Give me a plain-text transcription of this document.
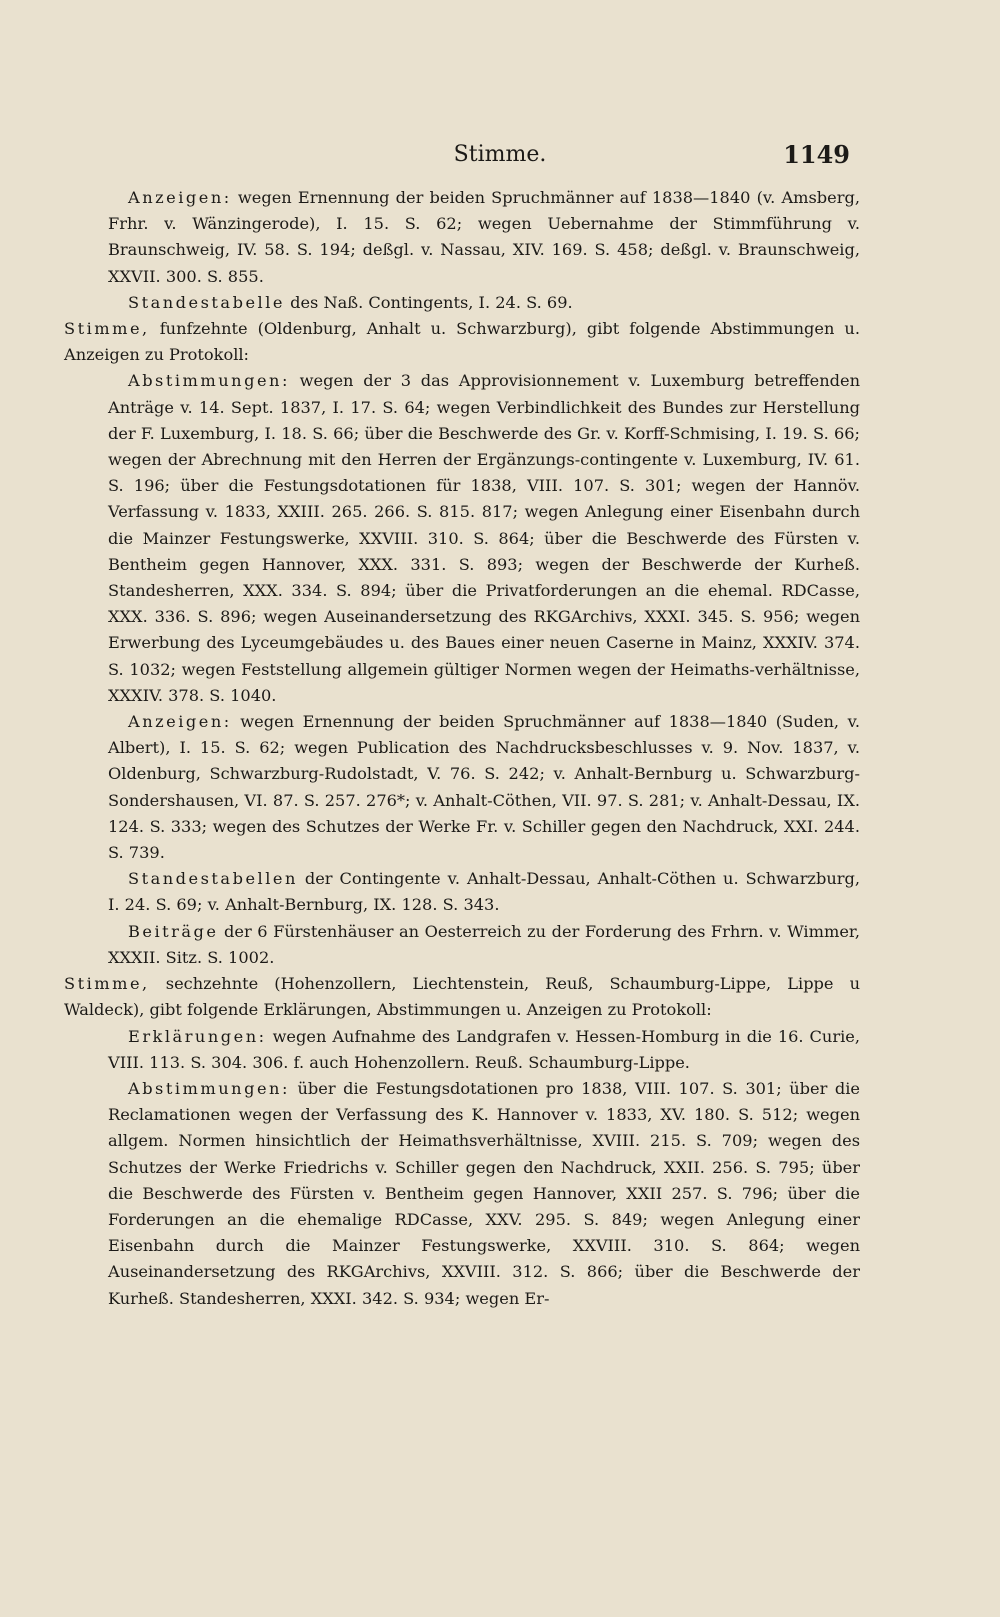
Stimme.	1149

Anzeigen: wegen Ernennung der beiden Spruchmänner auf 1838—1840 (v. Amsberg, Frhr. v. Wänzingerode), I. 15. S. 62; wegen Uebernahme der Stimmführung v. Braunschweig, IV. 58. S. 194; deßgl. v. Nassau, XIV. 169. S. 458; deßgl. v. Braunschweig, XXVII. 300. S. 855.

Standestabelle des Naß. Contingents, I. 24. S. 69.

Stimme, funfzehnte (Oldenburg, Anhalt u. Schwarzburg), gibt folgende Abstimmungen u. Anzeigen zu Protokoll:

Abstimmungen: wegen der 3 das Approvisionnement v. Luxemburg betreffenden Anträge v. 14. Sept. 1837, I. 17. S. 64; wegen Verbindlichkeit des Bundes zur Herstellung der F. Luxemburg, I. 18. S. 66; über die Beschwerde des Gr. v. Korff-Schmising, I. 19. S. 66; wegen der Abrechnung mit den Herren der Ergänzungs-contingente v. Luxemburg, IV. 61. S. 196; über die Festungsdotationen für 1838, VIII. 107. S. 301; wegen der Hannöv. Verfassung v. 1833, XXIII. 265. 266. S. 815. 817; wegen Anlegung einer Eisenbahn durch die Mainzer Festungswerke, XXVIII. 310. S. 864; über die Beschwerde des Fürsten v. Bentheim gegen Hannover, XXX. 331. S. 893; wegen der Beschwerde der Kurheß. Standesherren, XXX. 334. S. 894; über die Privatforderungen an die ehemal. RDCasse, XXX. 336. S. 896; wegen Auseinandersetzung des RKGArchivs, XXXI. 345. S. 956; wegen Erwerbung des Lyceumgebäudes u. des Baues einer neuen Caserne in Mainz, XXXIV. 374. S. 1032; wegen Feststellung allgemein gültiger Normen wegen der Heimaths-verhältnisse, XXXIV. 378. S. 1040.

Anzeigen: wegen Ernennung der beiden Spruchmänner auf 1838—1840 (Suden, v. Albert), I. 15. S. 62; wegen Publication des Nachdrucksbeschlusses v. 9. Nov. 1837, v. Oldenburg, Schwarzburg-Rudolstadt, V. 76. S. 242; v. Anhalt-Bernburg u. Schwarzburg-Sondershausen, VI. 87. S. 257. 276*; v. Anhalt-Cöthen, VII. 97. S. 281; v. Anhalt-Dessau, IX. 124. S. 333; wegen des Schutzes der Werke Fr. v. Schiller gegen den Nachdruck, XXI. 244. S. 739.

Standestabellen der Contingente v. Anhalt-Dessau, Anhalt-Cöthen u. Schwarzburg, I. 24. S. 69; v. Anhalt-Bernburg, IX. 128. S. 343.

Beiträge der 6 Fürstenhäuser an Oesterreich zu der Forderung des Frhrn. v. Wimmer, XXXII. Sitz. S. 1002.

Stimme, sechzehnte (Hohenzollern, Liechtenstein, Reuß, Schaumburg-Lippe, Lippe u Waldeck), gibt folgende Erklärungen, Abstimmungen u. Anzeigen zu Protokoll:

Erklärungen: wegen Aufnahme des Landgrafen v. Hessen-Homburg in die 16. Curie, VIII. 113. S. 304. 306. f. auch Hohenzollern. Reuß. Schaumburg-Lippe.

Abstimmungen: über die Festungsdotationen pro 1838, VIII. 107. S. 301; über die Reclamationen wegen der Verfassung des K. Hannover v. 1833, XV. 180. S. 512; wegen allgem. Normen hinsichtlich der Heimathsverhältnisse, XVIII. 215. S. 709; wegen des Schutzes der Werke Friedrichs v. Schiller gegen den Nachdruck, XXII. 256. S. 795; über die Beschwerde des Fürsten v. Bentheim gegen Hannover, XXII 257. S. 796; über die Forderungen an die ehemalige RDCasse, XXV. 295. S. 849; wegen Anlegung einer Eisenbahn durch die Mainzer Festungswerke, XXVIII. 310. S. 864; wegen Auseinandersetzung des RKGArchivs, XXVIII. 312. S. 866; über die Beschwerde der Kurheß. Standesherren, XXXI. 342. S. 934; wegen Er-
